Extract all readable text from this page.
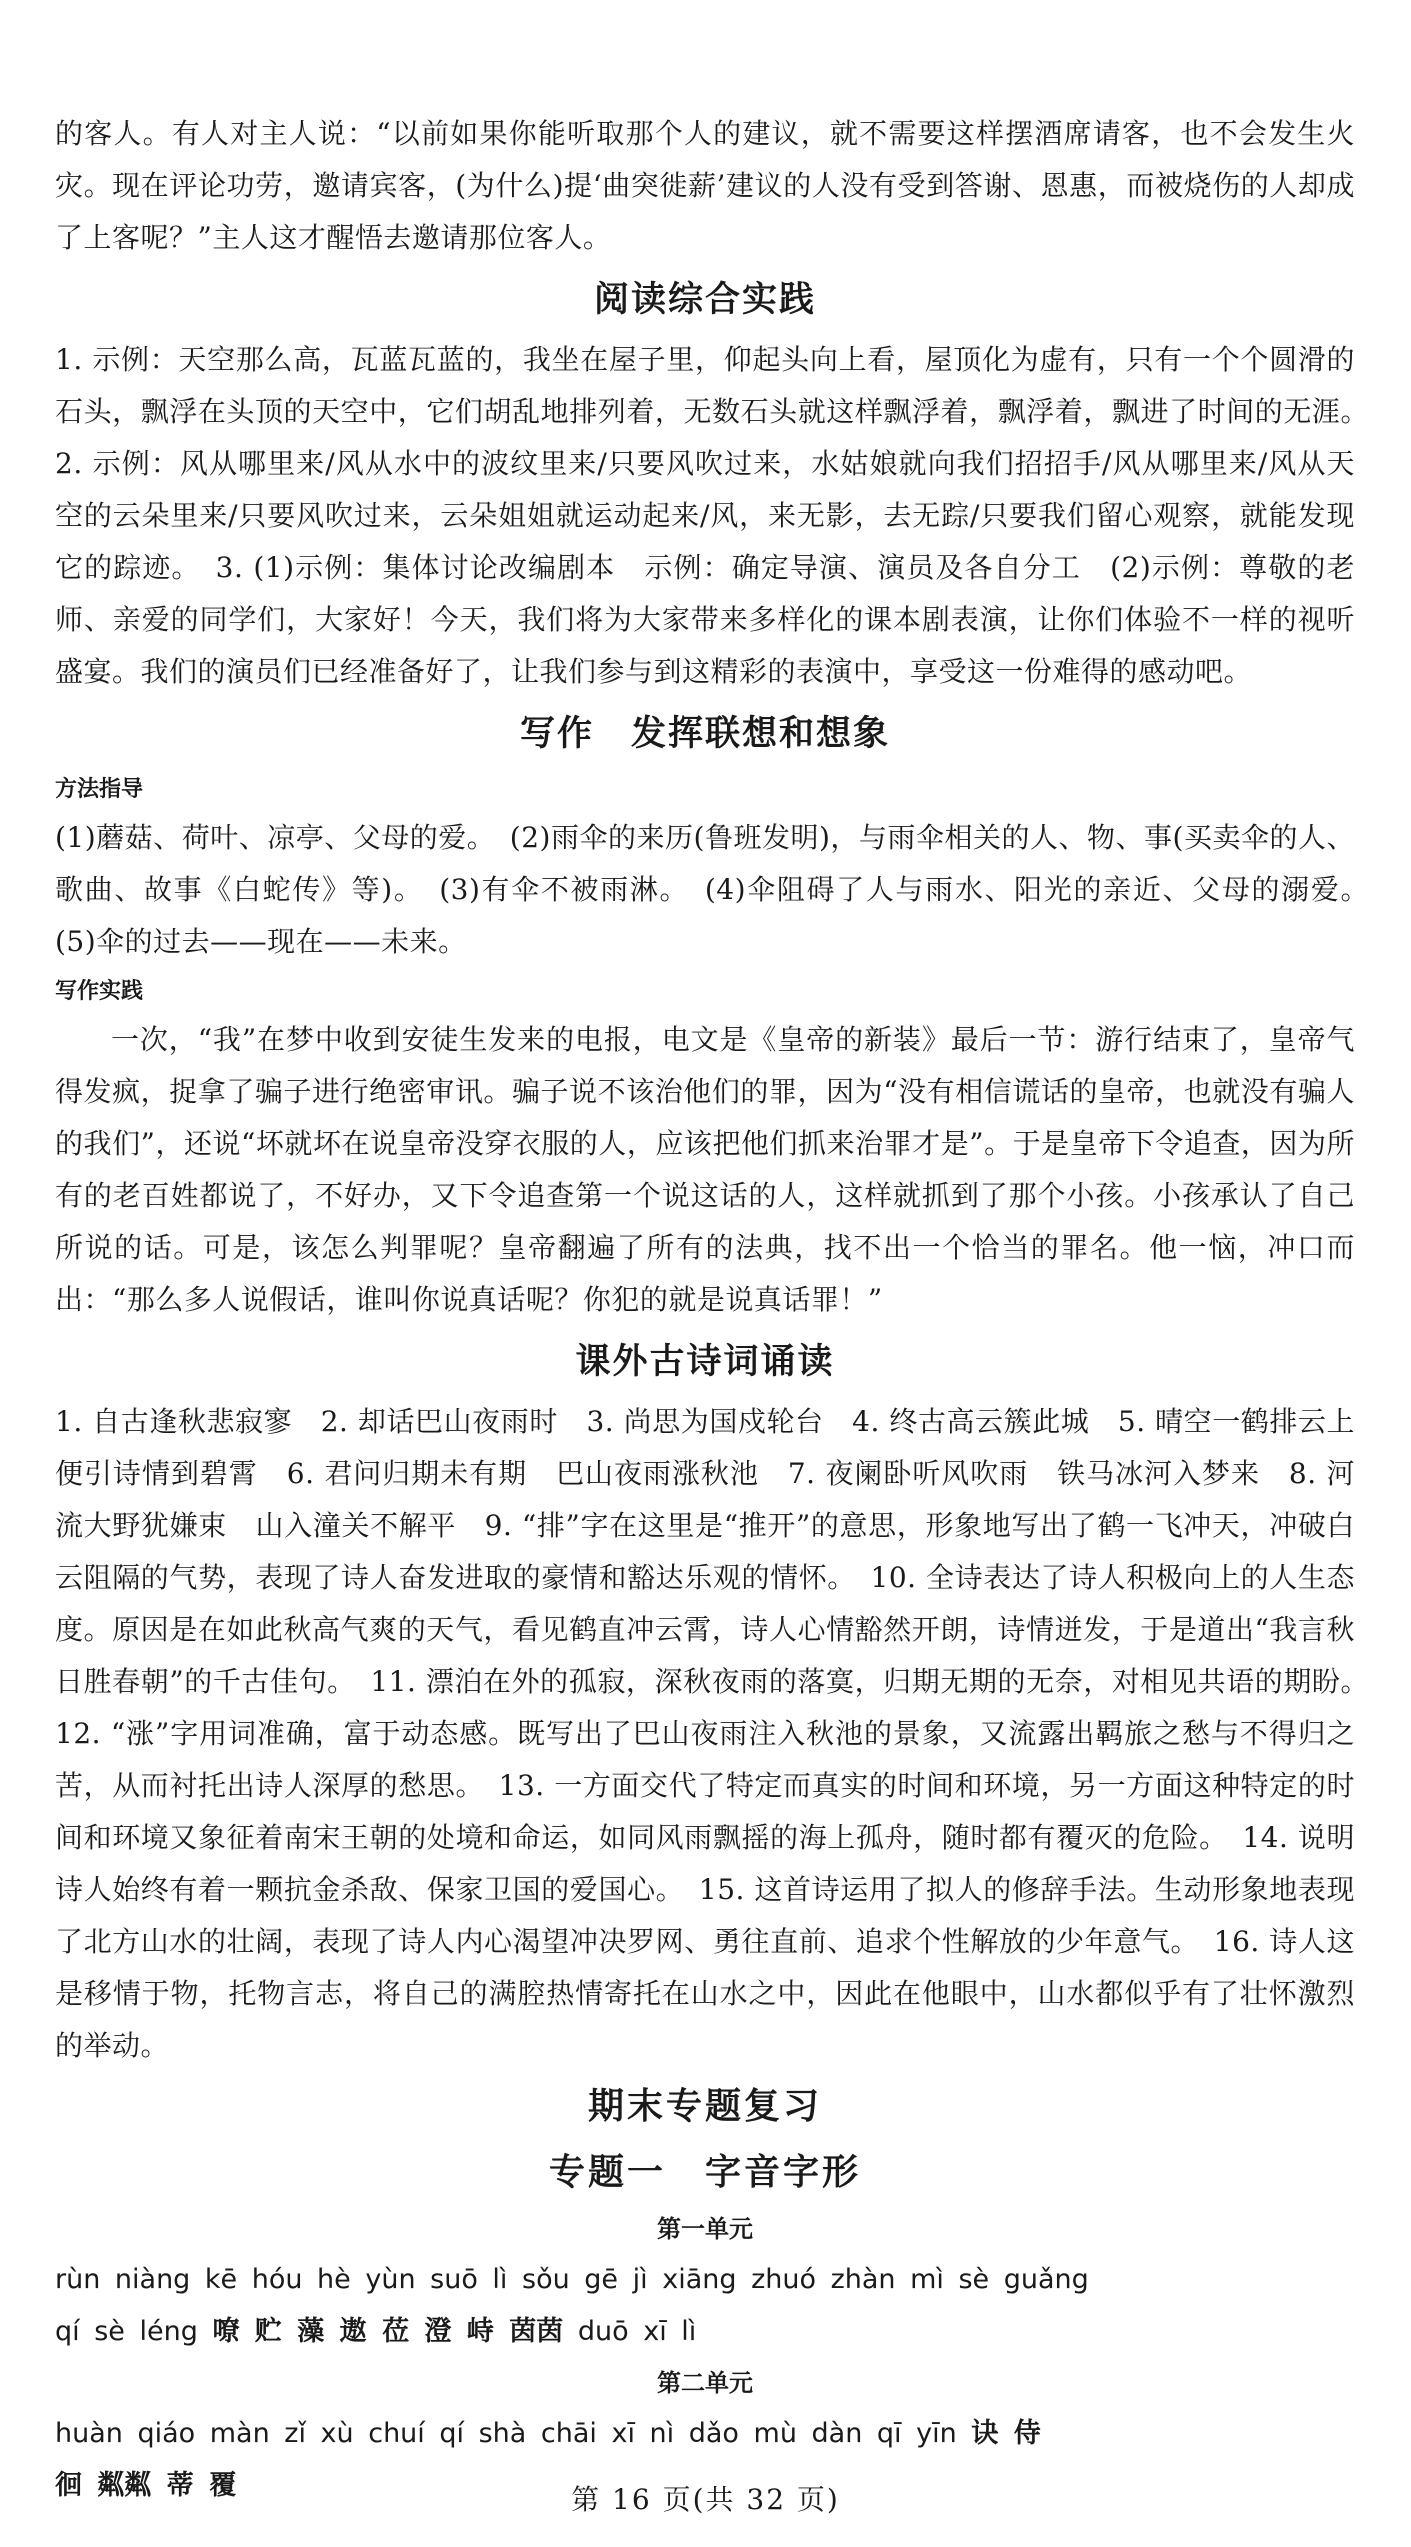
的客人。有人对主人说：“以前如果你能听取那个人的建议，就不需要这样摆酒席请客，也不会发生火灾。现在评论功劳，邀请宾客，(为什么)提‘曲突徙薪’建议的人没有受到答谢、恩惠，而被烧伤的人却成了上客呢？”主人这才醒悟去邀请那位客人。

阅读综合实践

1. 示例：天空那么高，瓦蓝瓦蓝的，我坐在屋子里，仰起头向上看，屋顶化为虚有，只有一个个圆滑的石头，飘浮在头顶的天空中，它们胡乱地排列着，无数石头就这样飘浮着，飘浮着，飘进了时间的无涯。　2. 示例：风从哪里来/风从水中的波纹里来/只要风吹过来，水姑娘就向我们招招手/风从哪里来/风从天空的云朵里来/只要风吹过来，云朵姐姐就运动起来/风，来无影，去无踪/只要我们留心观察，就能发现它的踪迹。　3. (1)示例：集体讨论改编剧本　示例：确定导演、演员及各自分工　(2)示例：尊敬的老师、亲爱的同学们，大家好！今天，我们将为大家带来多样化的课本剧表演，让你们体验不一样的视听盛宴。我们的演员们已经准备好了，让我们参与到这精彩的表演中，享受这一份难得的感动吧。

写作　发挥联想和想象
方法指导

(1)蘑菇、荷叶、凉亭、父母的爱。　(2)雨伞的来历(鲁班发明)，与雨伞相关的人、物、事(买卖伞的人、歌曲、故事《白蛇传》等)。　(3)有伞不被雨淋。　(4)伞阻碍了人与雨水、阳光的亲近、父母的溺爱。　(5)伞的过去——现在——未来。

写作实践

一次，“我”在梦中收到安徒生发来的电报，电文是《皇帝的新装》最后一节：游行结束了，皇帝气得发疯，捉拿了骗子进行绝密审讯。骗子说不该治他们的罪，因为“没有相信谎话的皇帝，也就没有骗人的我们”，还说“坏就坏在说皇帝没穿衣服的人，应该把他们抓来治罪才是”。于是皇帝下令追查，因为所有的老百姓都说了，不好办，又下令追查第一个说这话的人，这样就抓到了那个小孩。小孩承认了自己所说的话。可是，该怎么判罪呢？皇帝翻遍了所有的法典，找不出一个恰当的罪名。他一恼，冲口而出：“那么多人说假话，谁叫你说真话呢？你犯的就是说真话罪！”

课外古诗词诵读

1. 自古逢秋悲寂寥　2. 却话巴山夜雨时　3. 尚思为国戍轮台　4. 终古高云簇此城　5. 晴空一鹤排云上　便引诗情到碧霄　6. 君问归期未有期　巴山夜雨涨秋池　7. 夜阑卧听风吹雨　铁马冰河入梦来　8. 河流大野犹嫌束　山入潼关不解平　9. “排”字在这里是“推开”的意思，形象地写出了鹤一飞冲天，冲破白云阻隔的气势，表现了诗人奋发进取的豪情和豁达乐观的情怀。　10. 全诗表达了诗人积极向上的人生态度。原因是在如此秋高气爽的天气，看见鹤直冲云霄，诗人心情豁然开朗，诗情迸发，于是道出“我言秋日胜春朝”的千古佳句。　11. 漂泊在外的孤寂，深秋夜雨的落寞，归期无期的无奈，对相见共语的期盼。　12. “涨”字用词准确，富于动态感。既写出了巴山夜雨注入秋池的景象，又流露出羁旅之愁与不得归之苦，从而衬托出诗人深厚的愁思。　13. 一方面交代了特定而真实的时间和环境，另一方面这种特定的时间和环境又象征着南宋王朝的处境和命运，如同风雨飘摇的海上孤舟，随时都有覆灭的危险。　14. 说明诗人始终有着一颗抗金杀敌、保家卫国的爱国心。　15. 这首诗运用了拟人的修辞手法。生动形象地表现了北方山水的壮阔，表现了诗人内心渴望冲决罗网、勇往直前、追求个性解放的少年意气。　16. 诗人这是移情于物，托物言志，将自己的满腔热情寄托在山水之中，因此在他眼中，山水都似乎有了壮怀激烈的举动。

期末专题复习
专题一　字音字形
第一单元

rùn niàng kē hóu hè yùn suō lì sǒu gē jì xiāng zhuó zhàn mì sè guǎng

qí sè léng 嘹 贮 藻 遨 莅 澄 峙 茵茵 duō xī lì

第二单元

huàn qiáo màn zǐ xù chuí qí shà chāi xī nì dǎo mù dàn qī yīn 诀 侍

徊 粼粼 蒂 覆	第 16 页(共 32 页)
